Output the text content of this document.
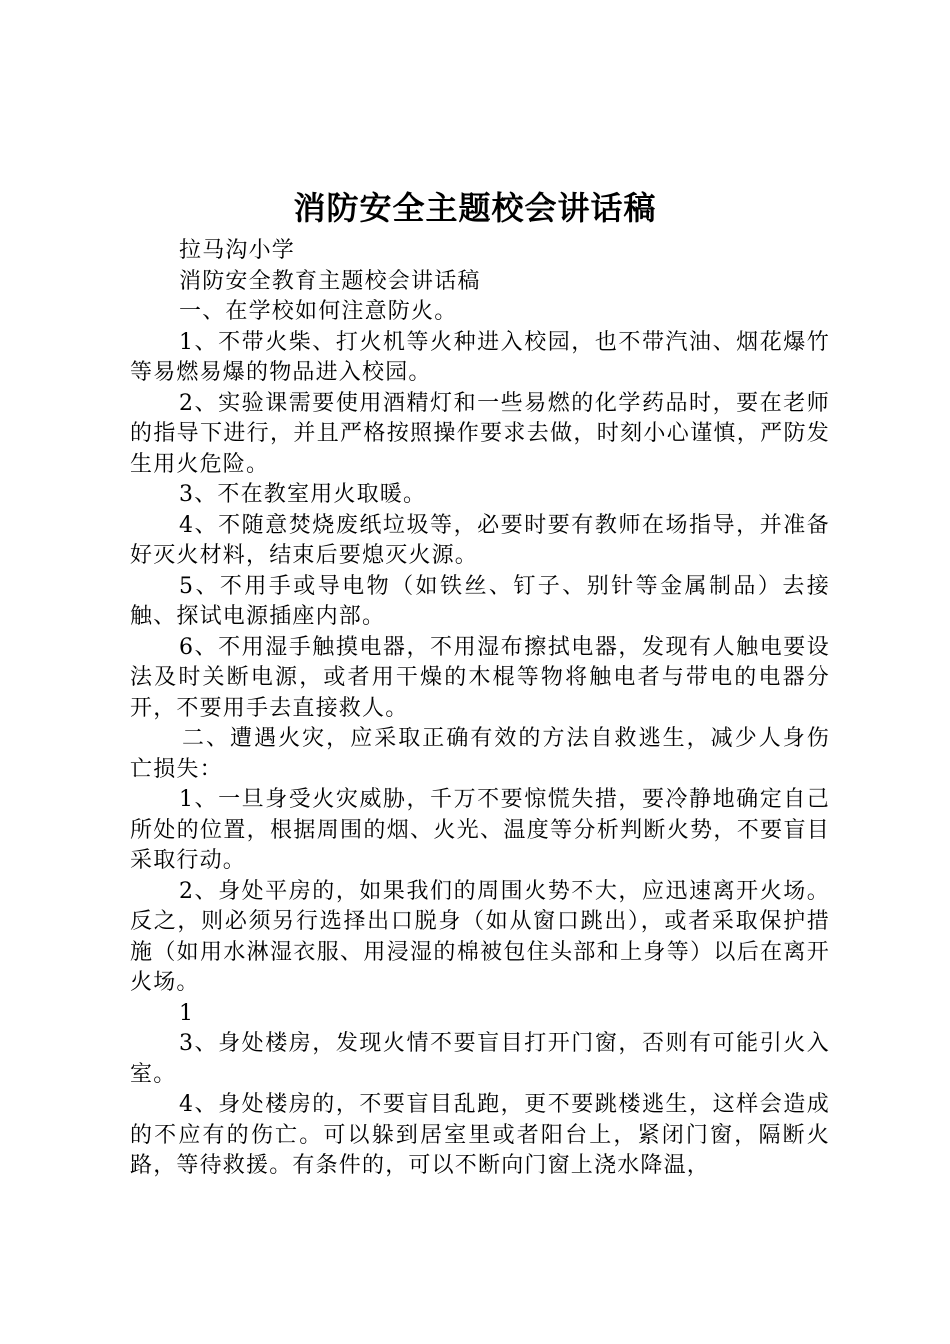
消防安全主题校会讲话稿

拉马沟小学

消防安全教育主题校会讲话稿

一、在学校如何注意防火。

1、不带火柴、打火机等火种进入校园，也不带汽油、烟花爆竹等易燃易爆的物品进入校园。

2、实验课需要使用酒精灯和一些易燃的化学药品时，要在老师的指导下进行，并且严格按照操作要求去做，时刻小心谨慎，严防发生用火危险。

3、不在教室用火取暖。

4、不随意焚烧废纸垃圾等，必要时要有教师在场指导，并准备好灭火材料，结束后要熄灭火源。

5、不用手或导电物（如铁丝、钉子、别针等金属制品）去接触、探试电源插座内部。

6、不用湿手触摸电器，不用湿布擦拭电器，发现有人触电要设法及时关断电源，或者用干燥的木棍等物将触电者与带电的电器分开，不要用手去直接救人。

二、遭遇火灾，应采取正确有效的方法自救逃生，减少人身伤亡损失：

1、一旦身受火灾威胁，千万不要惊慌失措，要冷静地确定自己所处的位置，根据周围的烟、火光、温度等分析判断火势，不要盲目采取行动。

2、身处平房的，如果我们的周围火势不大，应迅速离开火场。反之，则必须另行选择出口脱身（如从窗口跳出），或者采取保护措施（如用水淋湿衣服、用浸湿的棉被包住头部和上身等）以后在离开火场。

1

3、身处楼房，发现火情不要盲目打开门窗，否则有可能引火入室。

4、身处楼房的，不要盲目乱跑，更不要跳楼逃生，这样会造成的不应有的伤亡。可以躲到居室里或者阳台上，紧闭门窗，隔断火路，等待救援。有条件的，可以不断向门窗上浇水降温，
